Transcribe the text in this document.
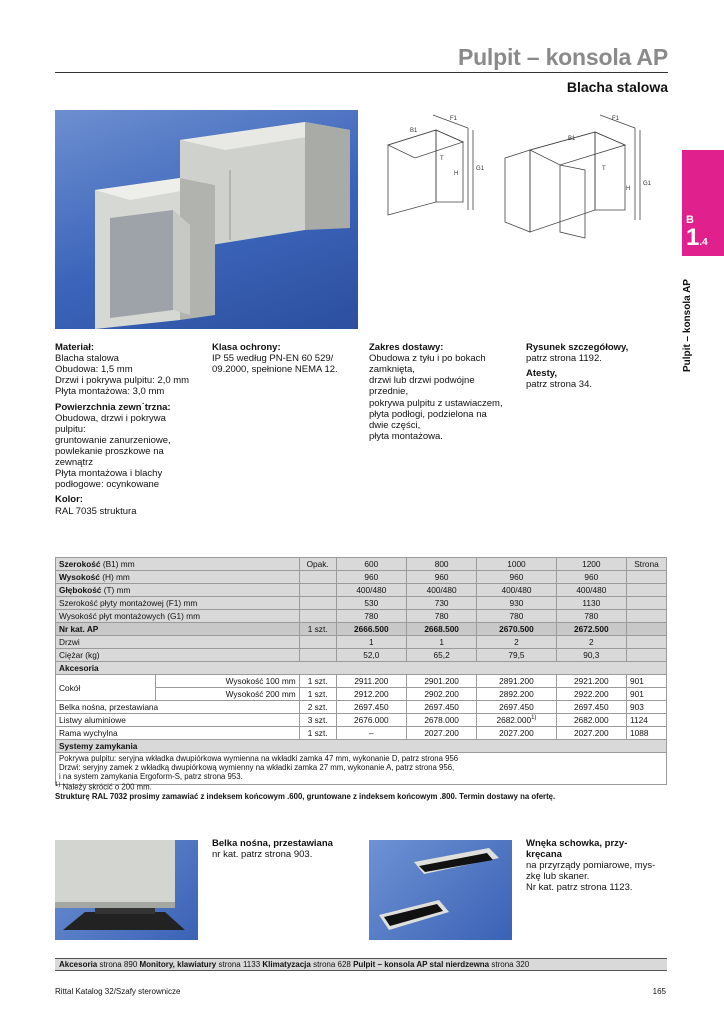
Pulpit – konsola AP
Blacha stalowa
B
1.4
Pulpit – konsola AP
B1
F1
G1
H
T
B1
F1
G1
H
T
Materiał:
Blacha stalowa
Obudowa: 1,5 mm
Drzwi i pokrywa pulpitu: 2,0 mm
Płyta montażowa: 3,0 mm
Powierzchnia zewn˙trzna:
Obudowa, drzwi i pokrywa
pulpitu:
gruntowanie zanurzeniowe,
powlekanie proszkowe na
zewnątrz
Płyta montażowa i blachy
podłogowe: ocynkowane
Kolor:
RAL 7035 struktura
Klasa ochrony:
IP 55 według PN-EN 60 529/
09.2000, spełnione NEMA 12.
Zakres dostawy:
Obudowa z tyłu i po bokach
zamknięta,
drzwi lub drzwi podwójne
przednie,
pokrywa pulpitu z ustawiaczem,
płyta podłogi, podzielona na
dwie części,
płyta montażowa.
Rysunek szczegółowy,
patrz strona 1192.
Atesty,
patrz strona 34.
Szerokość (B1) mm		Opak.	600	800	1000	1200	Strona
Wysokość (H) mm			960	960	960	960	
Głębokość (T) mm			400/480	400/480	400/480	400/480	
Szerokość płyty montażowej (F1) mm			530	730	930	1130	
Wysokość płyt montażowych (G1) mm			780	780	780	780	
Nr kat. AP		1 szt.	2666.500	2668.500	2670.500	2672.500	
Drzwi			1	1	2	2	
Ciężar (kg)			52,0	65,2	79,5	90,3	
Akcesoria							
Cokół	Wysokość 100 mm	1 szt.	2911.200	2901.200	2891.200	2921.200	901
	Wysokość 200 mm	1 szt.	2912.200	2902.200	2892.200	2922.200	901
Belka nośna, przestawiana		2 szt.	2697.450	2697.450	2697.450	2697.450	903
Listwy aluminiowe		3 szt.	2676.000	2678.000	2682.000$^{1)}$	2682.000	1124
Rama wychylna		1 szt.	–	2027.200	2027.200	2027.200	1088
Systemy zamykania							

Pokrywa pulpitu: seryjna wkładka dwupiórkowa wymienna na wkładki zamka 47 mm, wykonanie D, patrz strona 956
Drzwi: seryjny zamek z wkładką dwupiórkową wymienny na wkładki zamka 27 mm, wykonanie A, patrz strona 956,
i na system zamykania Ergoform-S, patrz strona 953.							
$^{1)}$ Należy skrócić o 200 mm.
Strukturę RAL 7032 prosimy zamawiać z indeksem końcowym .600, gruntowane z indeksem końcowym .800. Termin dostawy na ofertę.
Belka nośna, przestawiana
nr kat. patrz strona 903.
Wnęka schowka, przy-
kręcana
na przyrządy pomiarowe, mys-
zkę lub skaner.
Nr kat. patrz strona 1123.
Akcesoria strona 890 Monitory, klawiatury strona 1133 Klimatyzacja strona 628 Pulpit – konsola AP stal nierdzewna strona 320
Rittal Katalog 32/Szafy sterownicze	165
